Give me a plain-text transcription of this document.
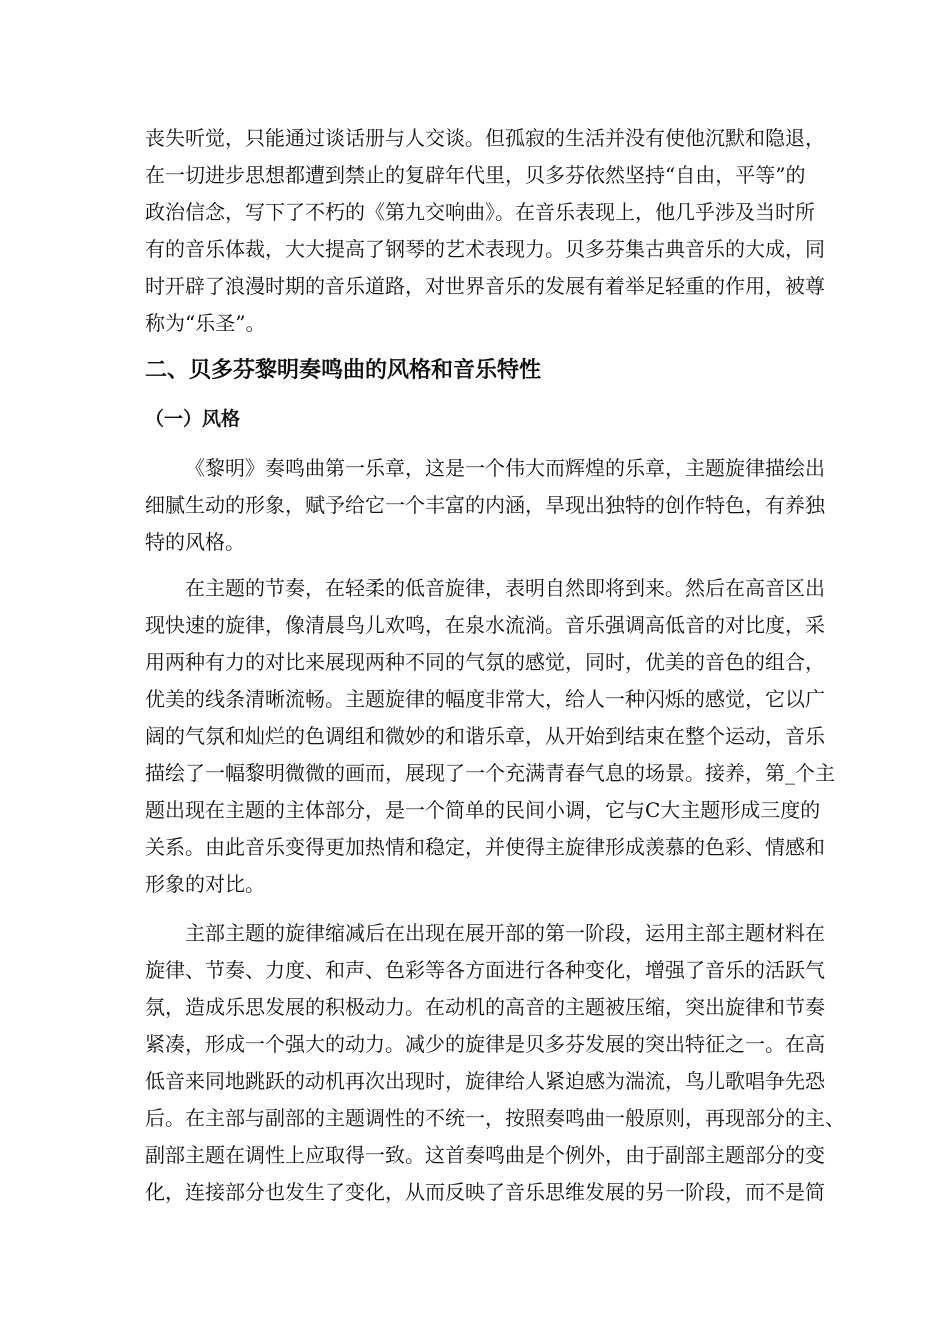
丧失听觉，只能通过谈话册与人交谈。但孤寂的生活并没有使他沉默和隐退，

在一切进步思想都遭到禁止的复辟年代里，贝多芬依然坚持“自由，平等”的

政治信念，写下了不朽的《第九交响曲》。在音乐表现上，他几乎涉及当时所

有的音乐体裁，大大提高了钢琴的艺术表现力。贝多芬集古典音乐的大成，同

时开辟了浪漫时期的音乐道路，对世界音乐的发展有着举足轻重的作用，被尊

称为“乐圣”。

二、贝多芬黎明奏鸣曲的风格和音乐特性
（一）风格

《黎明》奏鸣曲第一乐章，这是一个伟大而辉煌的乐章，主题旋律描绘出

细腻生动的形象，赋予给它一个丰富的内涵，旱现出独特的创作特色，有养独

特的风格。

在主题的节奏，在轻柔的低音旋律，表明自然即将到来。然后在高音区出

现快速的旋律，像清晨鸟儿欢鸣，在泉水流淌。音乐强调高低音的对比度，采

用两种有力的对比来展现两种不同的气氛的感觉，同时，优美的音色的组合，

优美的线条清晰流畅。主题旋律的幅度非常大，给人一种闪烁的感觉，它以广

阔的气氛和灿烂的色调组和微妙的和谐乐章，从开始到结束在整个运动，音乐

描绘了一幅黎明微微的画而，展现了一个充满青春气息的场景。接养，第_个主

题出现在主题的主体部分，是一个简单的民间小调，它与C大主题形成三度的

关系。由此音乐变得更加热情和稳定，并使得主旋律形成羡慕的色彩、情感和

形象的对比。

主部主题的旋律缩减后在出现在展开部的第一阶段，运用主部主题材料在

旋律、节奏、力度、和声、色彩等各方面进行各种变化，增强了音乐的活跃气

氛，造成乐思发展的积极动力。在动机的高音的主题被压缩，突出旋律和节奏

紧凑，形成一个强大的动力。减少的旋律是贝多芬发展的突出特征之一。在高

低音来同地跳跃的动机再次出现时，旋律给人紧迫感为湍流，鸟儿歌唱争先恐

后。在主部与副部的主题调性的不统一，按照奏鸣曲一般原则，再现部分的主、

副部主题在调性上应取得一致。这首奏鸣曲是个例外，由于副部主题部分的变

化，连接部分也发生了变化，从而反映了音乐思维发展的另一阶段，而不是简
